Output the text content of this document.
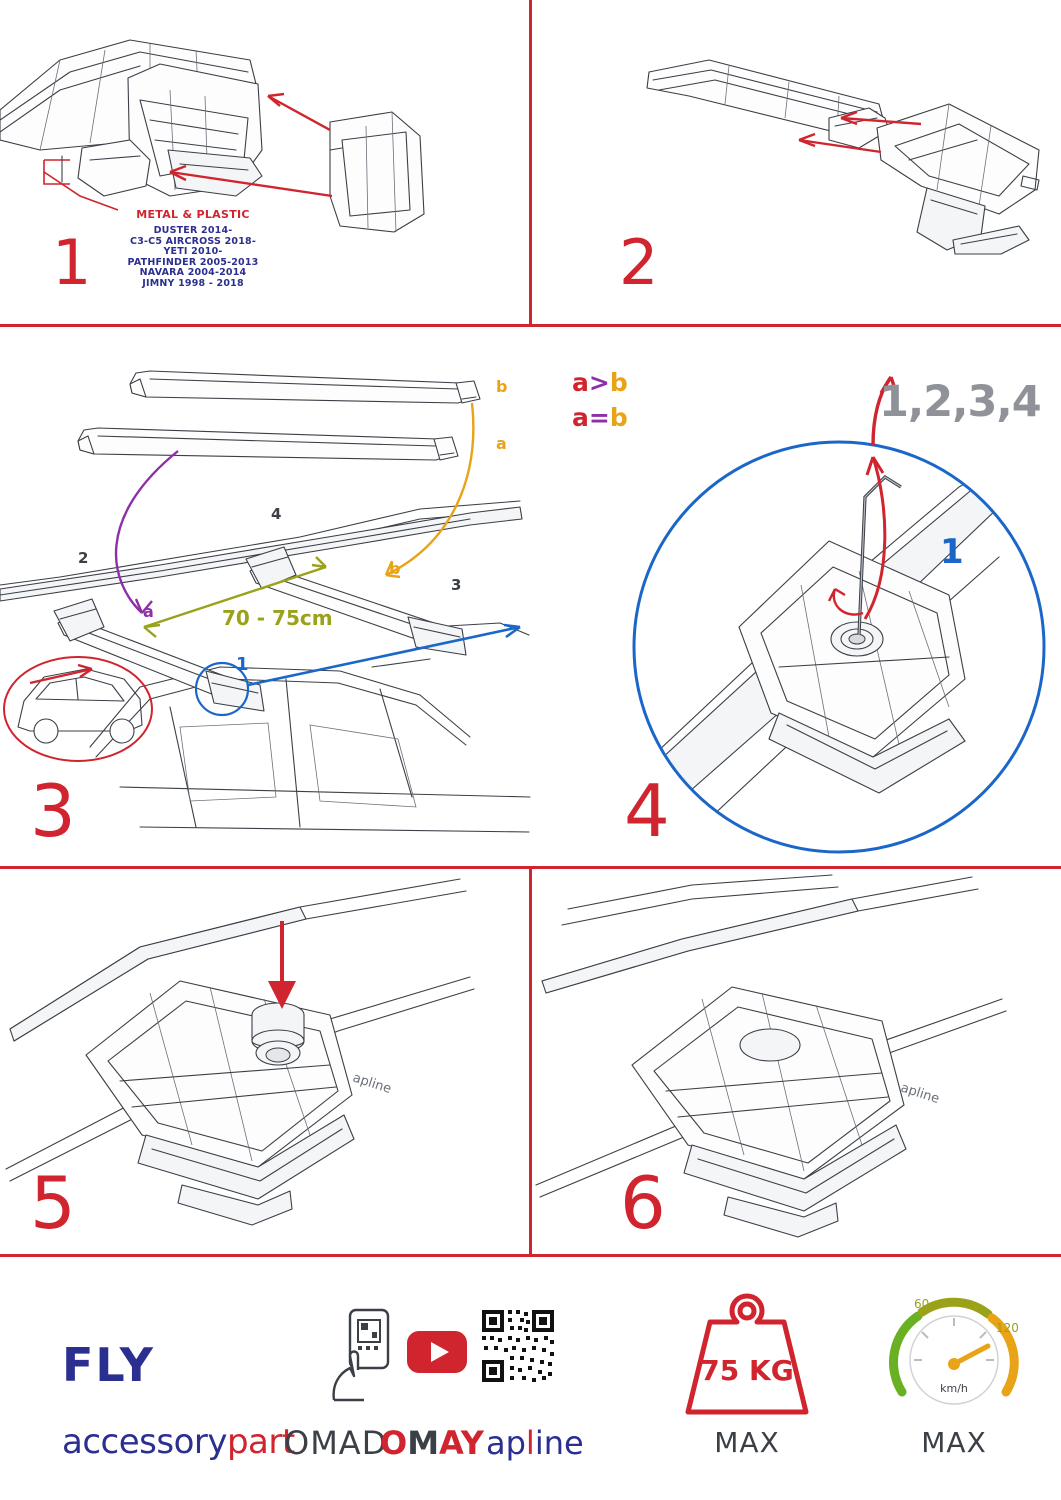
METAL & PLASTIC
DUSTER 2014-
C3-C5 AIRCROSS 2018-
YETI 2010-
PATHFINDER 2005-2013
NAVARA 2004-2014
JIMNY 1998 - 2018
1	2
b
a
b
a
2
3
4
1
70 - 75cm
3
a>b
a=b	1,2,3,4
1
4
apline
5
apline
6
FLY
accessorypart
OMAD
OMAY apline
75 KG
MAX
60
120
km/h
MAX
